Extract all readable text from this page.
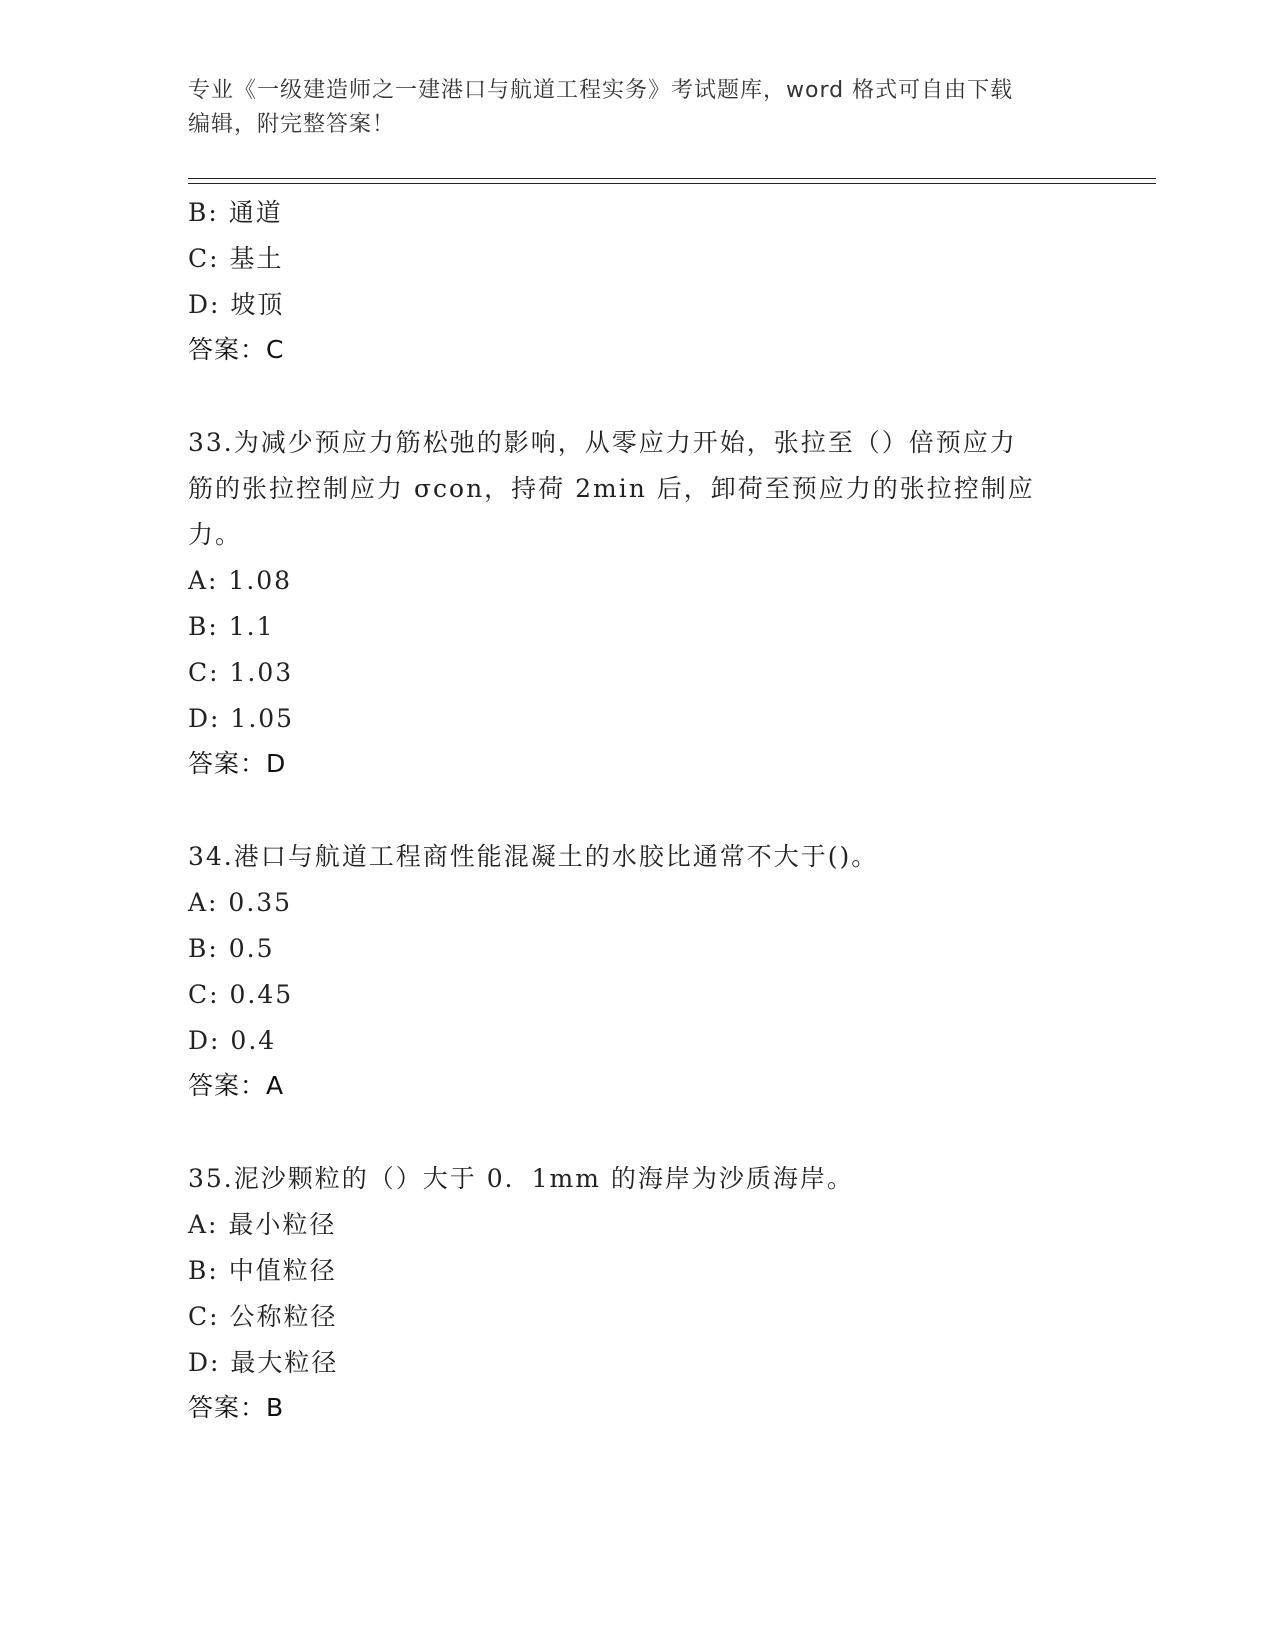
专业《一级建造师之一建港口与航道工程实务》考试题库，word 格式可自由下载
编辑，附完整答案！
B: 通道
C: 基土
D: 坡顶
答案：C
33.为减少预应力筋松弛的影响，从零应力开始，张拉至（）倍预应力
筋的张拉控制应力 σcon，持荷 2min 后，卸荷至预应力的张拉控制应
力。
A: 1.08
B: 1.1
C: 1.03
D: 1.05
答案：D
34.港口与航道工程商性能混凝土的水胶比通常不大于()。
A: 0.35
B: 0.5
C: 0.45
D: 0.4
答案：A
35.泥沙颗粒的（）大于 0．1mm 的海岸为沙质海岸。
A: 最小粒径
B: 中值粒径
C: 公称粒径
D: 最大粒径
答案：B
